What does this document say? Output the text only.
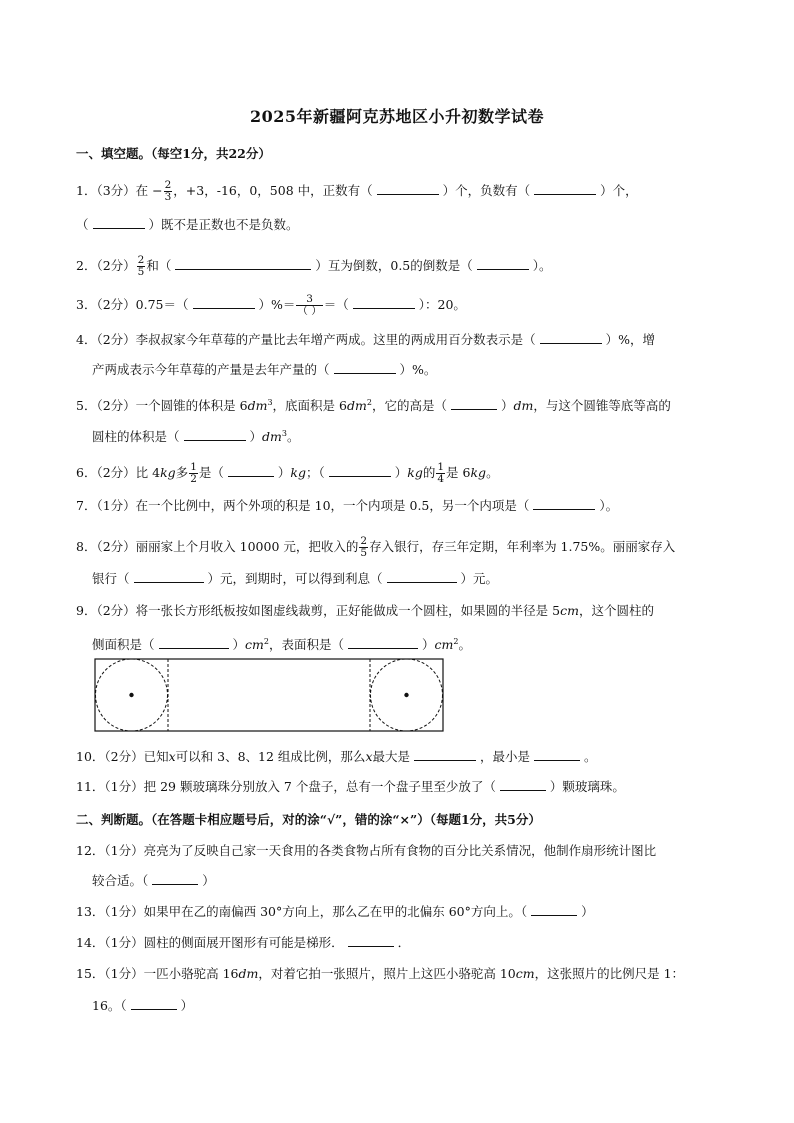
2025年新疆阿克苏地区小升初数学试卷
一、填空题。（每空1分，共22分）
1．（3分）在 − $\frac{2}{3}$ ，+3，-16，0，508 中，正数有（	）个，负数有（	）个，
（	）既不是正数也不是负数。
2．（2分） $\frac{2}{5}$ 和（	）互为倒数，0.5的倒数是（	）。
3．（2分）0.75＝（	）%＝ $\frac{3}{( )}$ ＝（	）：20。
4．（2分）李叔叔家今年草莓的产量比去年增产两成。这里的两成用百分数表示是（	）%，增
产两成表示今年草莓的产量是去年产量的（	）%。
5．（2分）一个圆锥的体积是 $6dm^3$，底面积是 $6dm^2$，它的高是（	）dm，与这个圆锥等底等高的
圆柱的体积是（	）$dm^3$。
6．（2分）比 4kg多 $\frac{1}{2}$ 是（	）kg；（	）kg的 $\frac{1}{4}$ 是 6kg。
7．（1分）在一个比例中，两个外项的积是 10，一个内项是 0.5，另一个内项是（	）。
8．（2分）丽丽家上个月收入 10000 元，把收入的 $\frac{2}{5}$ 存入银行，存三年定期，年利率为 1.75%。丽丽家存入
银行（	）元，到期时，可以得到利息（	）元。
9．（2分）将一张长方形纸板按如图虚线裁剪，正好能做成一个圆柱，如果圆的半径是 5cm，这个圆柱的
侧面积是（	）$cm^2$，表面积是（	）$cm^2$。
10．（2分）已知x可以和 3、8、12 组成比例，那么x最大是	，最小是	。
11．（1分）把 29 颗玻璃珠分别放入 7 个盘子，总有一个盘子里至少放了（	）颗玻璃珠。
二、判断题。（在答题卡相应题号后，对的涂“√”，错的涂“×”）（每题1分，共5分）
12．（1分）亮亮为了反映自己家一天食用的各类食物占所有食物的百分比关系情况，他制作扇形统计图比
较合适。（	）
13．（1分）如果甲在乙的南偏西 30°方向上，那么乙在甲的北偏东 60°方向上。（	）
14．（1分）圆柱的侧面展开图形有可能是梯形．	．
15．（1分）一匹小骆驼高 16dm，对着它拍一张照片，照片上这匹小骆驼高 10cm，这张照片的比例尺是 1：
16。（	）
